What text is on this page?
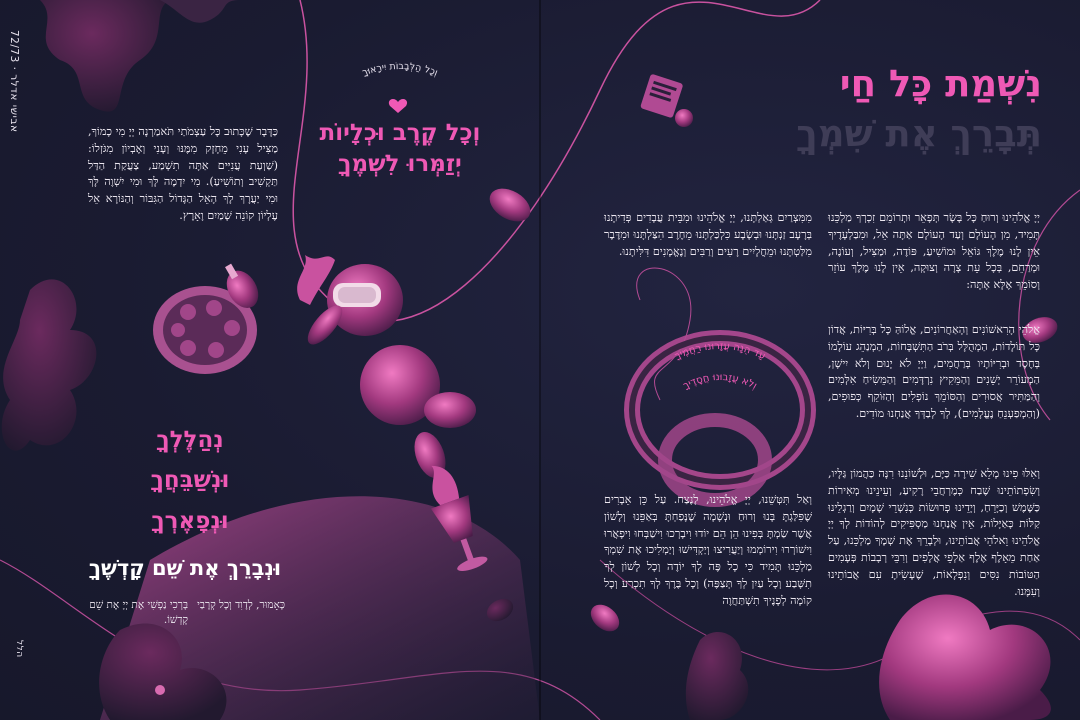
עַד הֵנָּה עֲזָרוּנוּ רַחֲמֶיךָ
וְלֹא עֲזָבוּנוּ חֲסָדֶיךָ
72/73 · אבישי אדלר
וְכָל הַלְּבָבוֹת יִירָאוּךָ
וְכָל קֶרֶב וּכְלָיוֹת
יְזַמְּרוּ לִשְׁמֶךָ
כַּדָּבָר שֶׁכָּתוּב כָּל עַצְמֹתַי תֹּאמַרְנָה יְיָ מִי כָמוֹךָ, מַצִּיל עָנִי מֵחָזָק מִמֶּנּוּ וְעָנִי וְאֶבְיוֹן מִגֹּזְלוֹ: (שַׁוְעַת עֲנִיִּים אַתָּה תִשְׁמַע, צַעֲקַת הַדַּל תַּקְשִׁיב וְתוֹשִׁיעַ). מִי יִדְמֶה לָּךְ וּמִי יִשְׁוֶה לָּךְ וּמִי יַעֲרָךְ לָךְ הָאֵל הַגָּדוֹל הַגִּבּוֹר וְהַנּוֹרָא אֵל עֶלְיוֹן קוֹנֵה שָׁמַיִם וָאָרֶץ.
נְהַלֶּלְךָ
וּנְשַׁבֵּחֲךָ
וּנְפָאֶרְךָ
וּנְבָרֵךְ אֶת שֵׁם קָדְשֶׁךָ
כָּאָמוּר, לְדָוִד וְכָל קְרָבַי
בָּרְכִי נַפְשִׁי אֶת יְיָ אֶת שֵׁם קָדְשׁוֹ.
הלל
נִשְׁמַת כָּל חַי
תְּבָרֵךְ אֶת שִׁמְךָ
יְיָ אֱלֹהֵינוּ וְרוּחַ כָּל בָּשָׂר תְּפָאֵר וּתְרוֹמֵם זִכְרְךָ מַלְכֵּנוּ תָּמִיד, מִן הָעוֹלָם וְעַד הָעוֹלָם אַתָּה אֵל, וּמִבַּלְעָדֶיךָ אֵין לָנוּ מֶלֶךְ גּוֹאֵל וּמוֹשִׁיעַ, פּוֹדֶה, וּמַצִּיל, וְעוֹנֶה, וּמְרַחֵם, בְּכָל עֵת צָרָה וְצוּקָה, אֵין לָנוּ מֶלֶךְ עוֹזֵר וְסוֹמֵךְ אֶלָּא אָתָּה:
אֱלֹהֵי הָרִאשׁוֹנִים וְהָאַחֲרוֹנִים, אֱלוֹהַּ כָּל בְּרִיּוֹת, אֲדוֹן כָּל תּוֹלָדוֹת, הַמְהֻלָּל בְּרֹב הַתִּשְׁבָּחוֹת, הַמְנַהֵג עוֹלָמוֹ בְּחֶסֶד וּבְרִיּוֹתָיו בְּרַחֲמִים, וַיְיָ לֹא יָנוּם וְלֹא יִישָׁן, הַמְעוֹרֵר יְשֵׁנִים וְהַמֵּקִיץ נִרְדָּמִים וְהַמֵּשִׂיחַ אִלְּמִים וְהַמַּתִּיר אֲסוּרִים וְהַסּוֹמֵךְ נוֹפְלִים וְהַזּוֹקֵף כְּפוּפִים, (וְהַמְפַעְנֵחַ נֶעֱלָמִים), לְךָ לְבַדְּךָ אֲנַחְנוּ מוֹדִים.
וְאִלּוּ פִינוּ מָלֵא שִׁירָה כַּיָּם, וּלְשׁוֹנֵנוּ רִנָּה כַּהֲמוֹן גַּלָּיו, וְשִׂפְתוֹתֵינוּ שֶׁבַח כְּמֶרְחֲבֵי רָקִיעַ, וְעֵינֵינוּ מְאִירוֹת כַּשֶּׁמֶשׁ וְכַיָּרֵחַ, וְיָדֵינוּ פְרוּשׂוֹת כְּנִשְׁרֵי שָׁמָיִם וְרַגְלֵינוּ קַלּוֹת כָּאַיָּלוֹת, אֵין אֲנַחְנוּ מַסְפִּיקִים לְהוֹדוֹת לְךָ יְיָ אֱלֹהֵינוּ וֵאלֹהֵי אֲבוֹתֵינוּ, וּלְבָרֵךְ אֶת שְׁמֶךָ מַלְכֵּנוּ, עַל אַחַת מֵאָלֶף אֶלֶף אַלְפֵי אֲלָפִים וְרִבֵּי רְבָבוֹת פְּעָמִים הַטּוֹבוֹת נִסִּים וְנִפְלָאוֹת, שֶׁעָשִׂיתָ עִם אֲבוֹתֵינוּ וְעִמָּנוּ.
מִמִּצְרַיִם גְּאַלְתָּנוּ, יְיָ אֱלֹהֵינוּ וּמִבֵּית עֲבָדִים פְּדִיתָנוּ בְּרָעָב זַנְתָּנוּ וּבְשָׂבָע כִּלְכַּלְתָּנוּ מֵחֶרֶב הִצַּלְתָּנוּ וּמִדֶּבֶר מִלַּטְתָּנוּ וּמֵחֳלָיִים רָעִים וְרַבִּים וְנֶאֱמָנִים דִּלִּיתָנוּ.
וְאַל תִּטְּשֵׁנוּ, יְיָ אֱלֹהֵינוּ, לָנֶצַח. עַל כֵּן אֵבָרִים שֶׁפִּלַּגְתָּ בָּנוּ וְרוּחַ וּנְשָׁמָה שֶׁנָּפַחְתָּ בְּאַפֵּנוּ וְלָשׁוֹן אֲשֶׁר שַׂמְתָּ בְּפִינוּ הֵן הֵם יוֹדוּ וִיבָרְכוּ וִישַׁבְּחוּ וִיפָאֲרוּ וִישׁוֹרְרוּ וִירוֹמְמוּ וְיַעֲרִיצוּ וְיַקְדִּישׁוּ וְיַמְלִיכוּ אֶת שִׁמְךָ מַלְכֵּנוּ תָּמִיד כִּי כָל פֶּה לְךָ יוֹדֶה וְכָל לָשׁוֹן לְךָ תִשָּׁבַע וְכָל עַיִן לְךָ תְּצַפֶּה) וְכָל בֶּרֶךְ לְךָ תִכְרַע וְכָל קוֹמָה לְפָנֶיךָ תִשְׁתַּחֲוֶה
